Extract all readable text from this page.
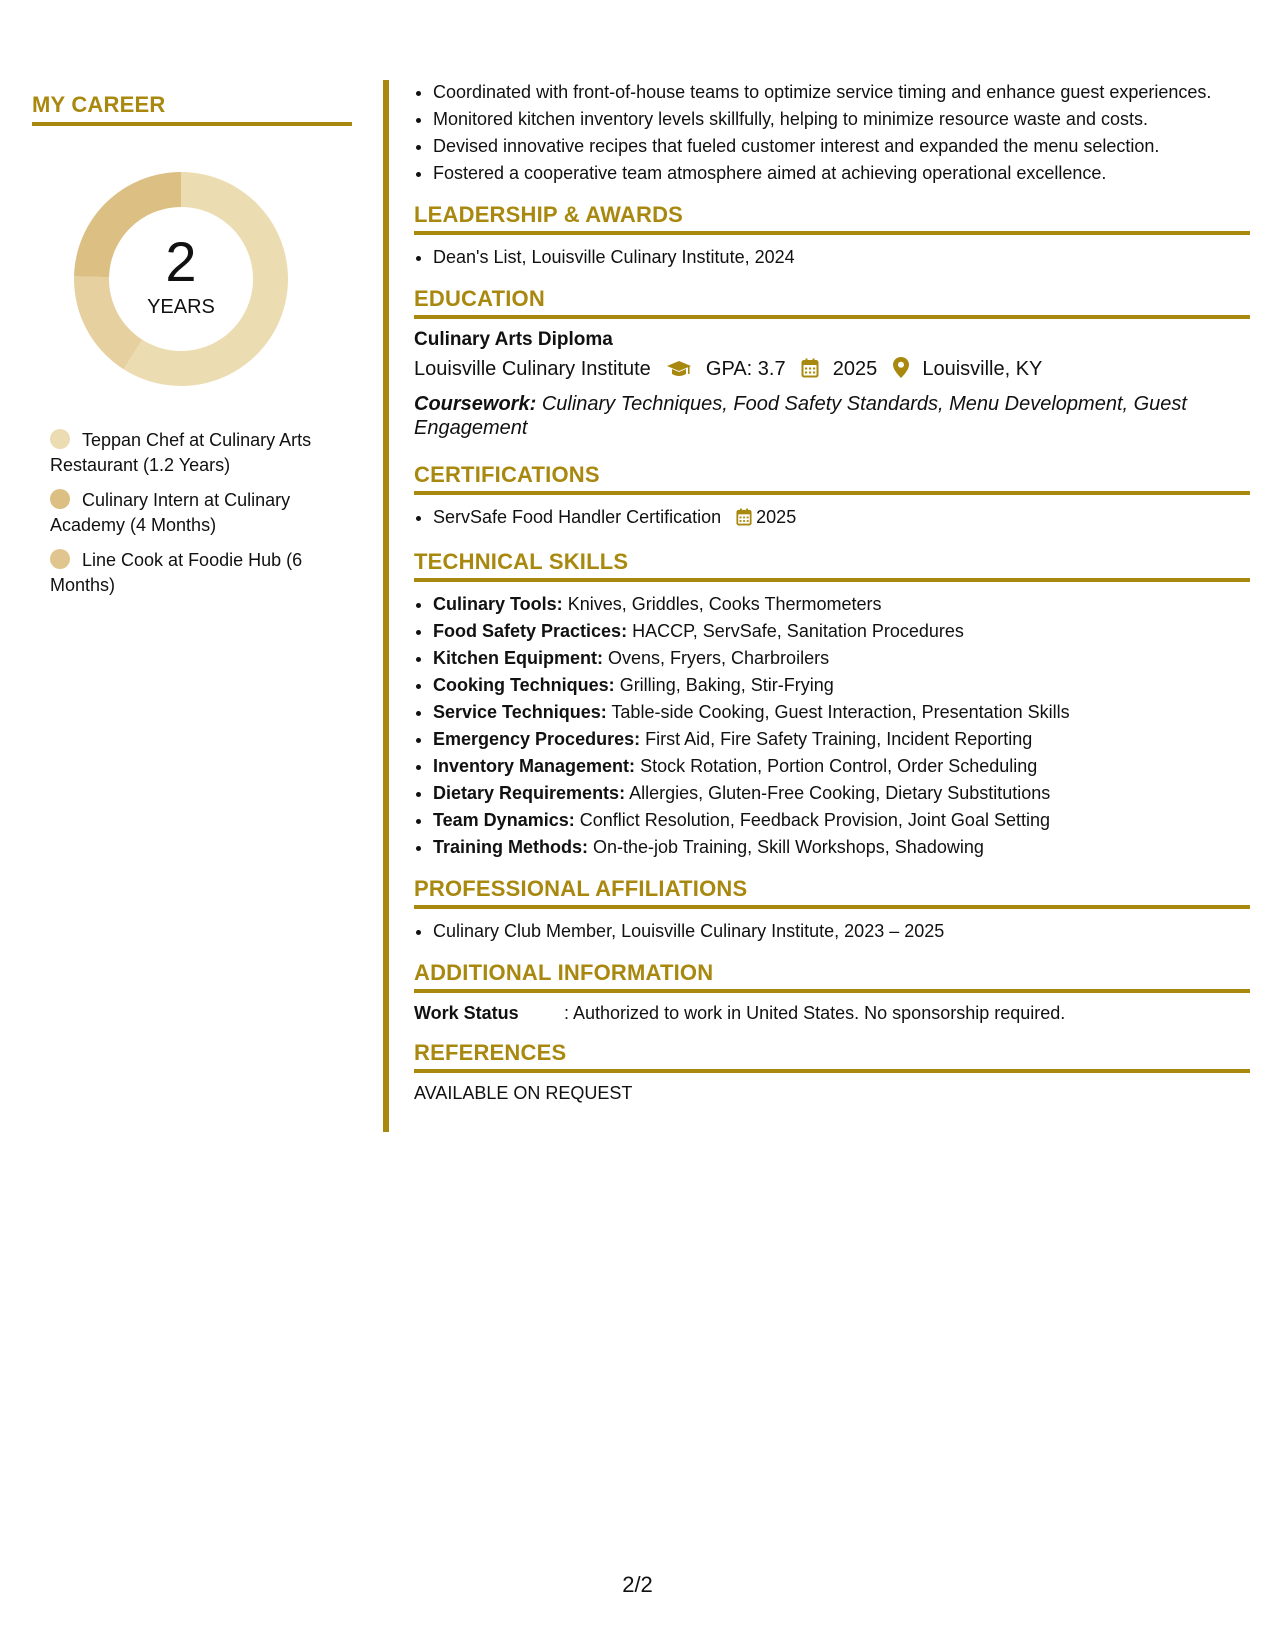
MY CAREER
2
YEARS
Teppan Chef at Culinary Arts Restaurant (1.2 Years)
Culinary Intern at Culinary Academy (4 Months)
Line Cook at Foodie Hub (6 Months)
• Coordinated with front-of-house teams to optimize service timing and enhance guest experiences.
• Monitored kitchen inventory levels skillfully, helping to minimize resource waste and costs.
• Devised innovative recipes that fueled customer interest and expanded the menu selection.
• Fostered a cooperative team atmosphere aimed at achieving operational excellence.
LEADERSHIP & AWARDS
• Dean's List, Louisville Culinary Institute, 2024
EDUCATION
Culinary Arts Diploma
Louisville Culinary Institute	GPA: 3.7 2025 Louisville, KY
Coursework: Culinary Techniques, Food Safety Standards, Menu Development, Guest Engagement
CERTIFICATIONS
• ServSafe Food Handler Certification 2025
TECHNICAL SKILLS
• Culinary Tools: Knives, Griddles, Cooks Thermometers
• Food Safety Practices: HACCP, ServSafe, Sanitation Procedures
• Kitchen Equipment: Ovens, Fryers, Charbroilers
• Cooking Techniques: Grilling, Baking, Stir-Frying
• Service Techniques: Table-side Cooking, Guest Interaction, Presentation Skills
• Emergency Procedures: First Aid, Fire Safety Training, Incident Reporting
• Inventory Management: Stock Rotation, Portion Control, Order Scheduling
• Dietary Requirements: Allergies, Gluten-Free Cooking, Dietary Substitutions
• Team Dynamics: Conflict Resolution, Feedback Provision, Joint Goal Setting
• Training Methods: On-the-job Training, Skill Workshops, Shadowing
PROFESSIONAL AFFILIATIONS
• Culinary Club Member, Louisville Culinary Institute, 2023 – 2025
ADDITIONAL INFORMATION
Work Status	: Authorized to work in United States. No sponsorship required.
REFERENCES
AVAILABLE ON REQUEST
2/2
